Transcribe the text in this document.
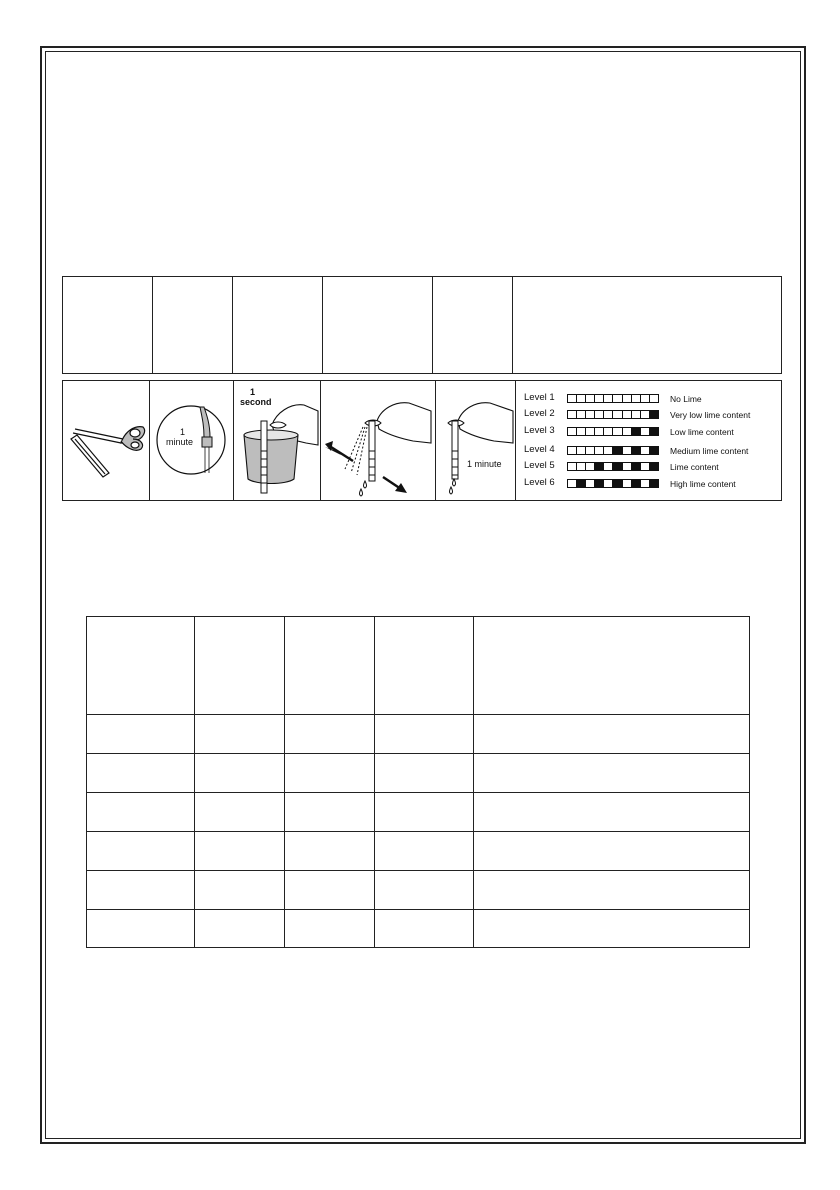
1
minute
1
second
1 minute
Level 1	No Lime
Level 2	Very low lime content
Level 3	Low lime content
Level 4	Medium lime content
Level 5	Lime content
Level 6	High lime content
